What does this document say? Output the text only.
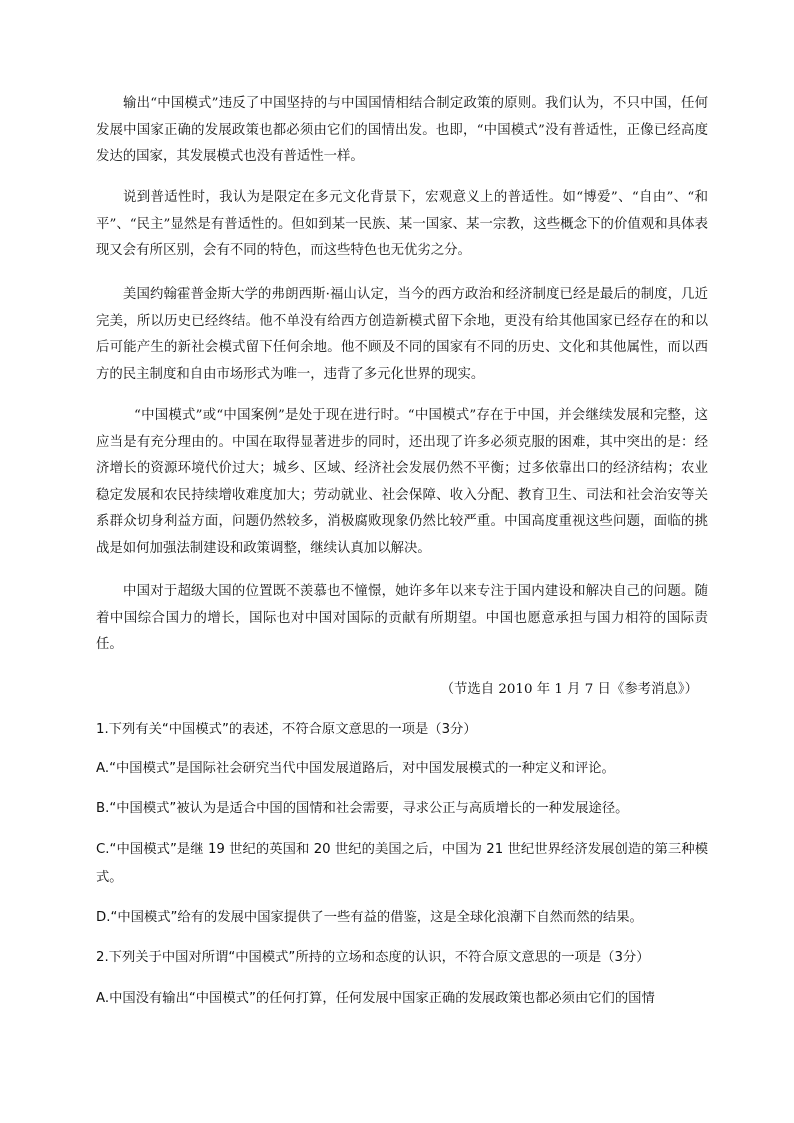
输出“中国模式”违反了中国坚持的与中国国情相结合制定政策的原则。我们认为，不只中国，任何发展中国家正确的发展政策也都必须由它们的国情出发。也即，“中国模式”没有普适性，正像已经高度发达的国家，其发展模式也没有普适性一样。

说到普适性时，我认为是限定在多元文化背景下，宏观意义上的普适性。如“博爱”、“自由”、“和平”、“民主”显然是有普适性的。但如到某一民族、某一国家、某一宗教，这些概念下的价值观和具体表现又会有所区别，会有不同的特色，而这些特色也无优劣之分。

美国约翰霍普金斯大学的弗朗西斯·福山认定，当今的西方政治和经济制度已经是最后的制度，几近完美，所以历史已经终结。他不单没有给西方创造新模式留下余地，更没有给其他国家已经存在的和以后可能产生的新社会模式留下任何余地。他不顾及不同的国家有不同的历史、文化和其他属性，而以西方的民主制度和自由市场形式为唯一，违背了多元化世界的现实。

“中国模式”或“中国案例”是处于现在进行时。“中国模式”存在于中国，并会继续发展和完整，这应当是有充分理由的。中国在取得显著进步的同时，还出现了许多必须克服的困难，其中突出的是：经济增长的资源环境代价过大；城乡、区域、经济社会发展仍然不平衡；过多依靠出口的经济结构；农业稳定发展和农民持续增收难度加大；劳动就业、社会保障、收入分配、教育卫生、司法和社会治安等关系群众切身利益方面，问题仍然较多，消极腐败现象仍然比较严重。中国高度重视这些问题，面临的挑战是如何加强法制建设和政策调整，继续认真加以解决。

中国对于超级大国的位置既不羡慕也不憧憬，她许多年以来专注于国内建设和解决自己的问题。随着中国综合国力的增长，国际也对中国对国际的贡献有所期望。中国也愿意承担与国力相符的国际责任。

（节选自 2010 年 1 月 7 日《参考消息》）

1.下列有关“中国模式”的表述，不符合原文意思的一项是（3分）

A.“中国模式”是国际社会研究当代中国发展道路后，对中国发展模式的一种定义和评论。

B.“中国模式”被认为是适合中国的国情和社会需要，寻求公正与高质增长的一种发展途径。

C.“中国模式”是继 19 世纪的英国和 20 世纪的美国之后，中国为 21 世纪世界经济发展创造的第三种模式。

D.“中国模式”给有的发展中国家提供了一些有益的借鉴，这是全球化浪潮下自然而然的结果。

2.下列关于中国对所谓“中国模式”所持的立场和态度的认识，不符合原文意思的一项是（3分）

A.中国没有输出“中国模式”的任何打算，任何发展中国家正确的发展政策也都必须由它们的国情
